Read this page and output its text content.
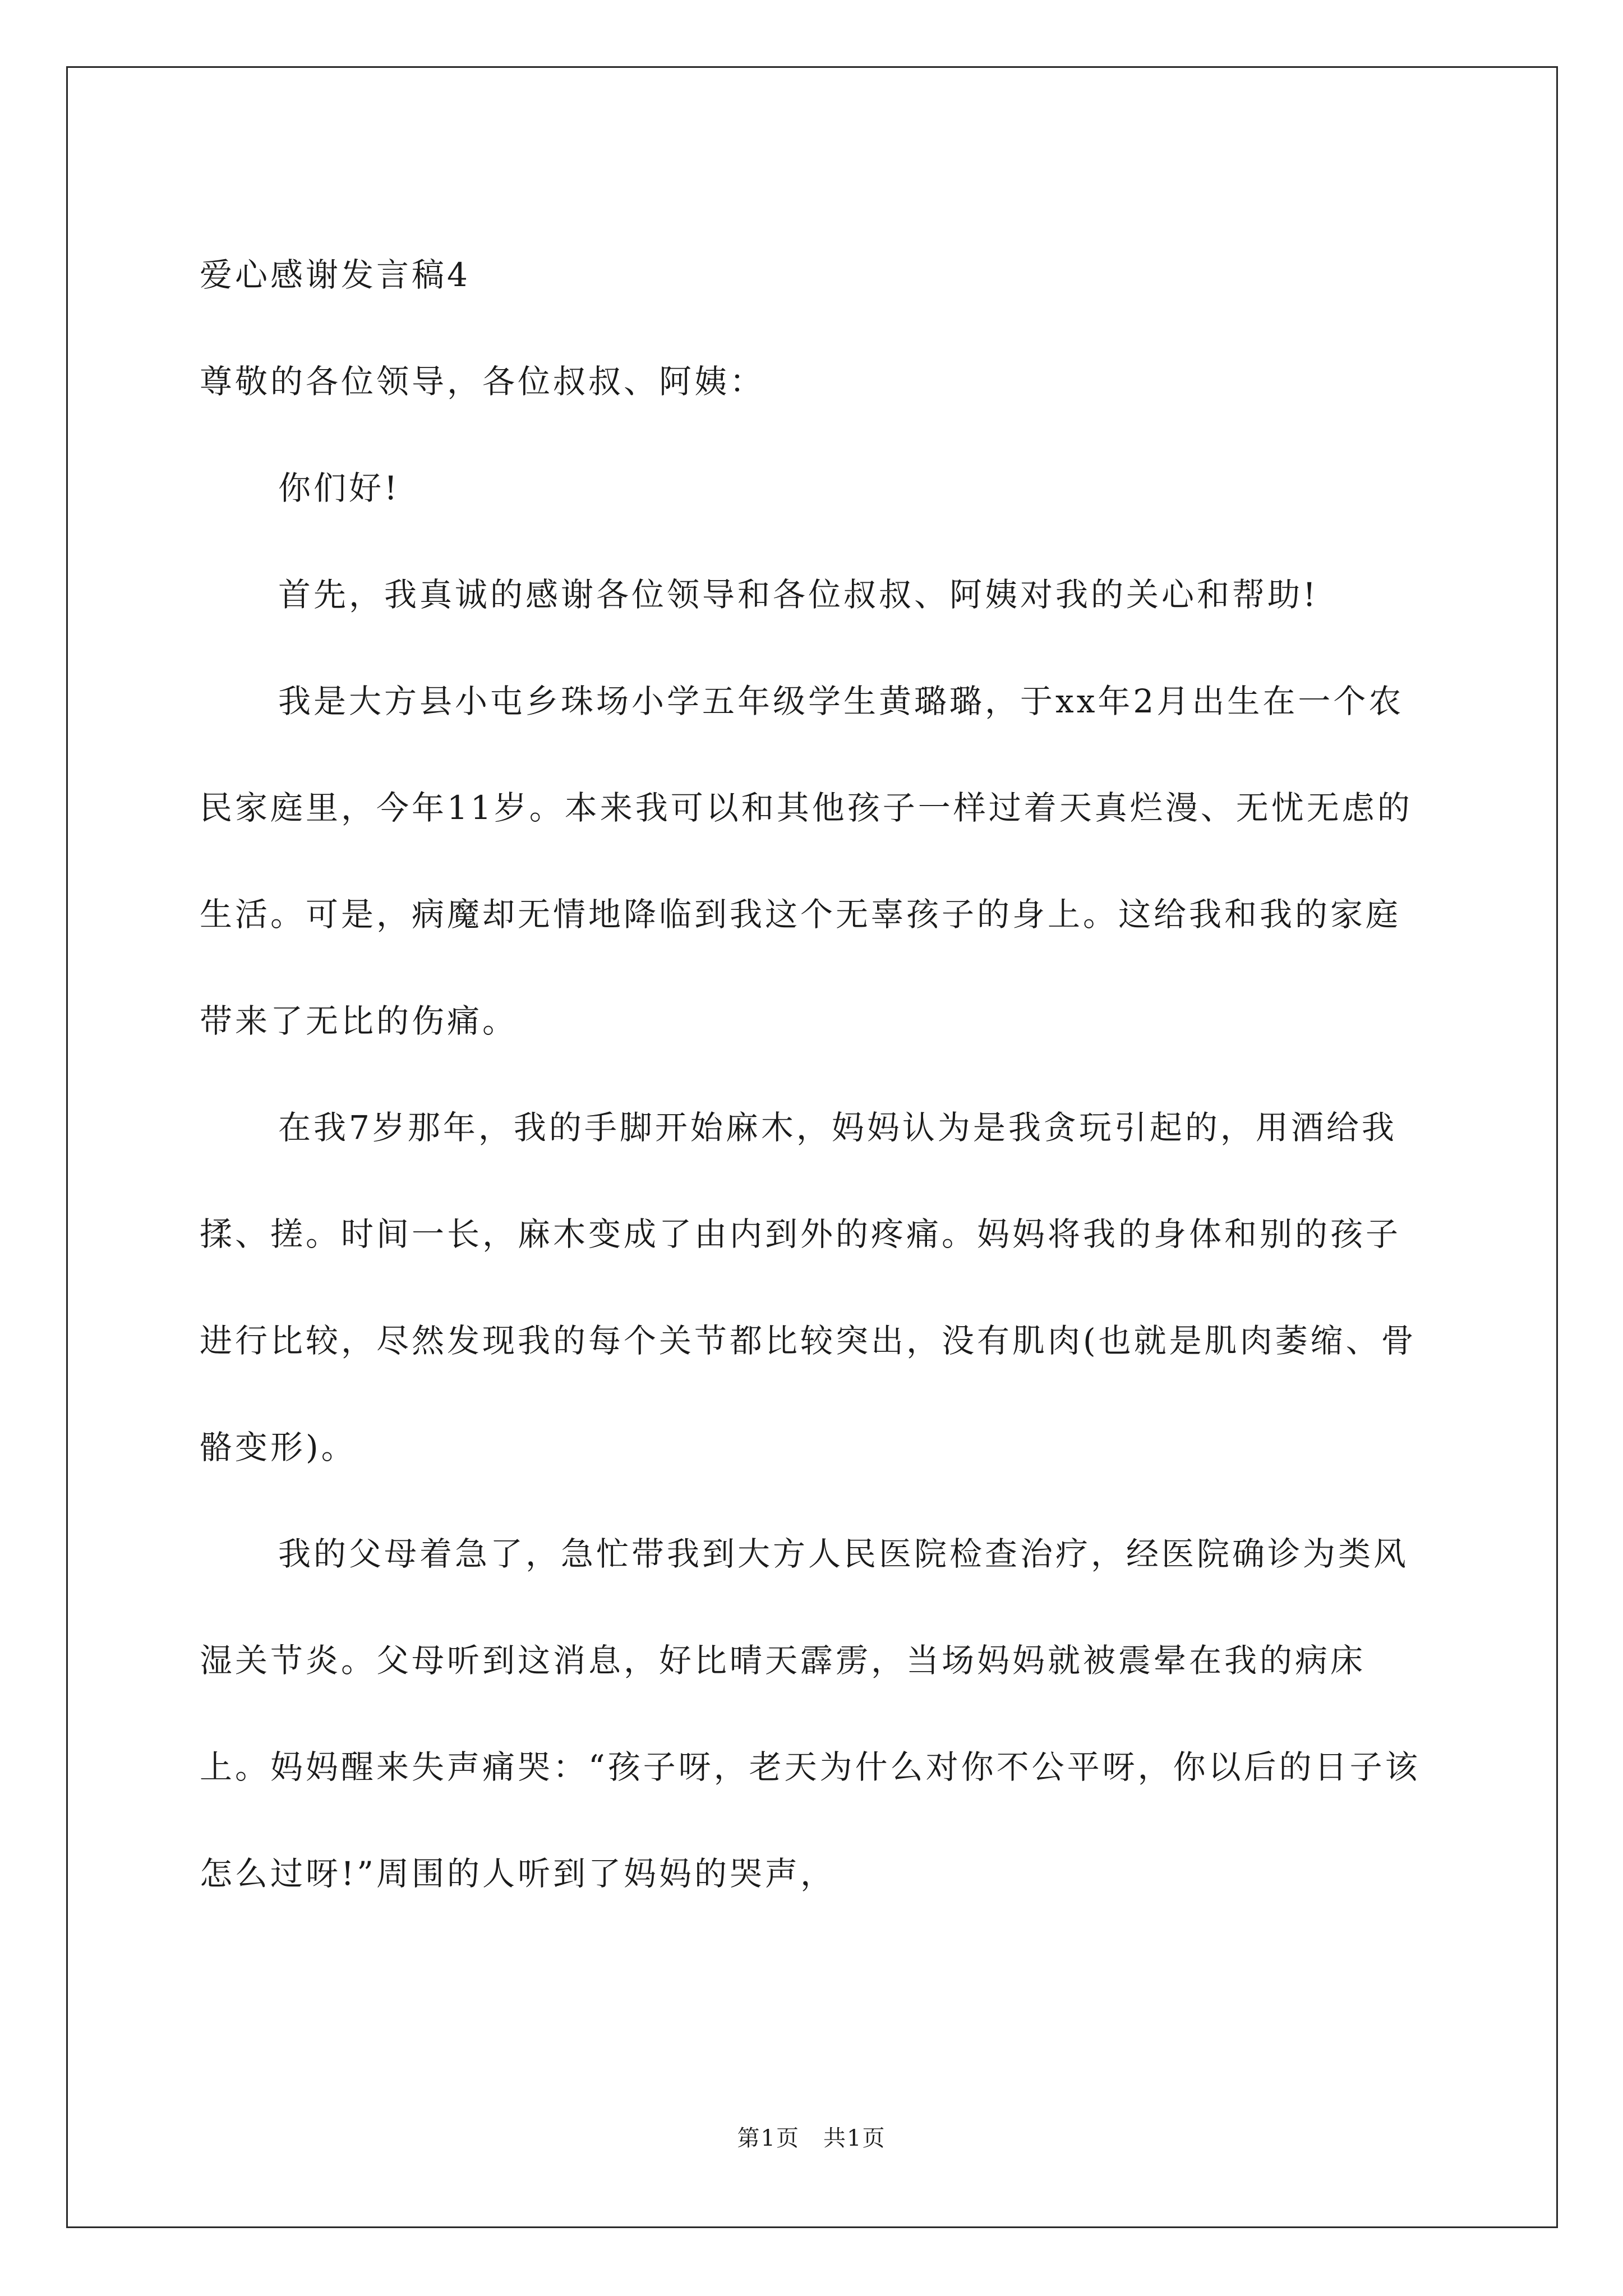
爱心感谢发言稿4

尊敬的各位领导，各位叔叔、阿姨：

你们好!

首先，我真诚的感谢各位领导和各位叔叔、阿姨对我的关心和帮助!

我是大方县小屯乡珠场小学五年级学生黄璐璐，于xx年2月出生在一个农民家庭里，今年11岁。本来我可以和其他孩子一样过着天真烂漫、无忧无虑的生活。可是，病魔却无情地降临到我这个无辜孩子的身上。这给我和我的家庭带来了无比的伤痛。

在我7岁那年，我的手脚开始麻木，妈妈认为是我贪玩引起的，用酒给我揉、搓。时间一长，麻木变成了由内到外的疼痛。妈妈将我的身体和别的孩子进行比较，尽然发现我的每个关节都比较突出，没有肌肉(也就是肌肉萎缩、骨骼变形)。

我的父母着急了，急忙带我到大方人民医院检查治疗，经医院确诊为类风湿关节炎。父母听到这消息，好比晴天霹雳，当场妈妈就被震晕在我的病床上。妈妈醒来失声痛哭：“孩子呀，老天为什么对你不公平呀，你以后的日子该怎么过呀!”周围的人听到了妈妈的哭声，

第1页　共1页
